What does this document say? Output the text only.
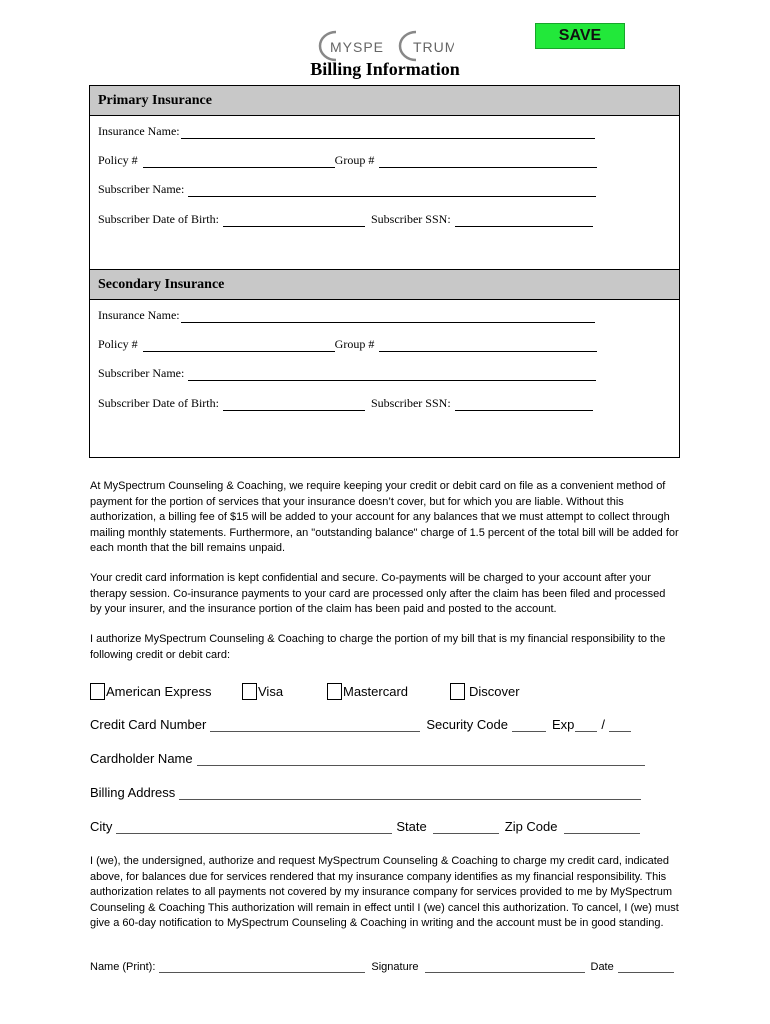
SAVE
MYSPE TRUM
Billing Information
Primary Insurance
Insurance Name:
Policy #	Group #
Subscriber Name:
Subscriber Date of Birth:	Subscriber SSN:
Secondary Insurance
Insurance Name:
Policy #	Group #
Subscriber Name:
Subscriber Date of Birth:	Subscriber SSN:
At MySpectrum Counseling & Coaching, we require keeping your credit or debit card on file as a convenient method of payment for the portion of services that your insurance doesn’t cover, but for which you are liable. Without this authorization, a billing fee of $15 will be added to your account for any balances that we must attempt to collect through mailing monthly statements. Furthermore, an "outstanding balance" charge of 1.5 percent of the total bill will be added for each month that the bill remains unpaid.
Your credit card information is kept confidential and secure. Co-payments will be charged to your account after your therapy session. Co-insurance payments to your card are processed only after the claim has been filed and processed by your insurer, and the insurance portion of the claim has been paid and posted to the account.
I authorize MySpectrum Counseling & Coaching to charge the portion of my bill that is my financial responsibility to the following credit or debit card:
American Express	Visa	Mastercard	Discover
Credit Card Number	Security Code	Exp /
Cardholder Name
Billing Address
City	State	Zip Code
I (we), the undersigned, authorize and request MySpectrum Counseling & Coaching to charge my credit card, indicated above, for balances due for services rendered that my insurance company identifies as my financial responsibility. This authorization relates to all payments not covered by my insurance company for services provided to me by MySpectrum Counseling & Coaching This authorization will remain in effect until I (we) cancel this authorization. To cancel, I (we) must give a 60-day notification to MySpectrum Counseling & Coaching in writing and the account must be in good standing.
Name (Print):	Signature	Date
